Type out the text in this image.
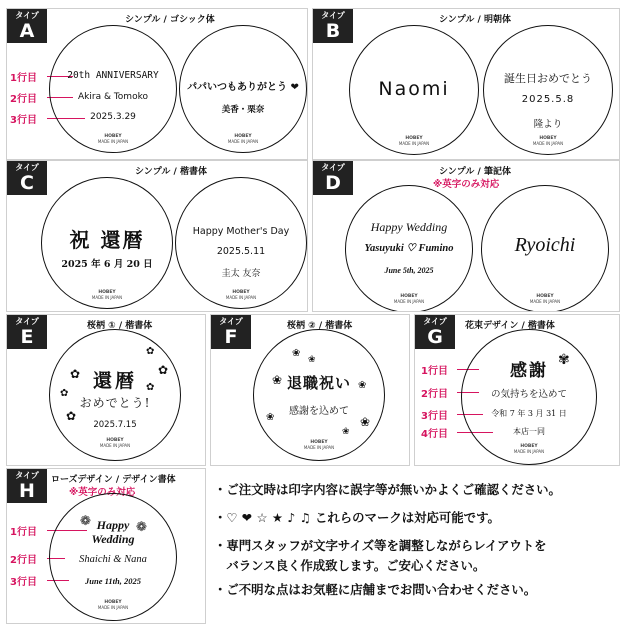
タイプ
A	シンプル / ゴシック体
1行目
2行目
3行目
20th ANNIVERSARY
Akira & Tomoko
2025.3.29
HOBEY
MADE IN JAPAN
パパいつもありがとう ❤
美香・栗奈
HOBEY
MADE IN JAPAN
タイプ
B	シンプル / 明朝体
Naomi
HOBEY
MADE IN JAPAN
誕生日おめでとう
2025.5.8
隆より
HOBEY
MADE IN JAPAN
タイプ
C	シンプル / 楷書体
祝 還暦
2025 年 6 月 20 日
HOBEY
MADE IN JAPAN
Happy Mother's Day
2025.5.11
圭太 友奈
HOBEY
MADE IN JAPAN
タイプ
D	シンプル / 筆記体
※英字のみ対応
Happy Wedding
Yasuyuki ♡ Fumino
June 5th, 2025
HOBEY
MADE IN JAPAN
Ryoichi
HOBEY
MADE IN JAPAN
タイプ
E	桜柄 ① / 楷書体
✿
✿
✿
✿
✿
✿
還暦
おめでとう!
2025.7.15
HOBEY
MADE IN JAPAN
タイプ
F	桜柄 ② / 楷書体
❀
❀
❀
❀
❀
❀
❀
退職祝い
感謝を込めて
HOBEY
MADE IN JAPAN
タイプ
G	花束デザイン / 楷書体
1行目
2行目
3行目
4行目
✾
感謝
の気持ちを込めて
令和 7 年 3 月 31 日
本店一同
HOBEY
MADE IN JAPAN
タイプ
H	ローズデザイン / デザイン書体
※英字のみ対応
1行目
2行目
3行目
❁	❁
Happy
Wedding
Shaichi & Nana
June 11th, 2025
HOBEY
MADE IN JAPAN
・ご注文時は印字内容に誤字等が無いかよくご確認ください。
・♡ ❤ ☆ ★ ♪ ♫ これらのマークは対応可能です。
・専門スタッフが文字サイズ等を調整しながらレイアウトを
　バランス良く作成致します。ご安心ください。
・ご不明な点はお気軽に店舗までお問い合わせください。
